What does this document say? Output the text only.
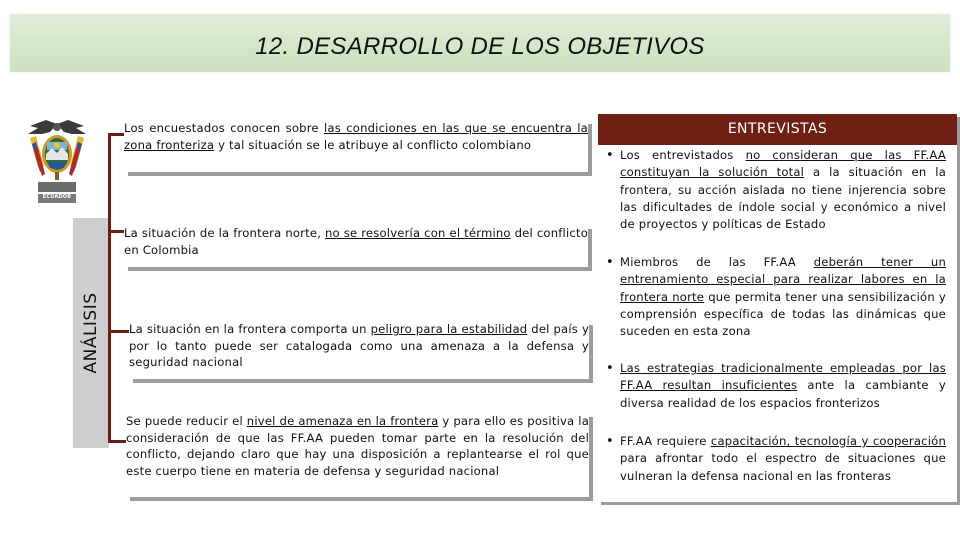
12. DESARROLLO DE LOS OBJETIVOS
ECUADOR
ANÁLISIS
Los encuestados conocen sobre las condiciones en las que se encuentra la zona fronteriza y tal situación se le atribuye al conflicto colombiano
La situación de la frontera norte, no se resolvería con el término del conflicto en Colombia
La situación en la frontera comporta un peligro para la estabilidad del país y por lo tanto puede ser catalogada como una amenaza a la defensa y seguridad nacional
Se puede reducir el nivel de amenaza en la frontera y para ello es positiva la consideración de que las FF.AA pueden tomar parte en la resolución del conflicto, dejando claro que hay una disposición a replantearse el rol que este cuerpo tiene en materia de defensa y seguridad nacional
ENTREVISTAS
• Los entrevistados no consideran que las FF.AA constituyan la solución total a la situación en la frontera, su acción aislada no tiene injerencia sobre las dificultades de índole social y económico a nivel de proyectos y políticas de Estado
• Miembros de las FF.AA deberán tener un entrenamiento especial para realizar labores en la frontera norte que permita tener una sensibilización y comprensión específica de todas las dinámicas que suceden en esta zona
• Las estrategias tradicionalmente empleadas por las FF.AA resultan insuficientes ante la cambiante y diversa realidad de los espacios fronterizos
• FF.AA requiere capacitación, tecnología y cooperación para afrontar todo el espectro de situaciones que vulneran la defensa nacional en las fronteras
